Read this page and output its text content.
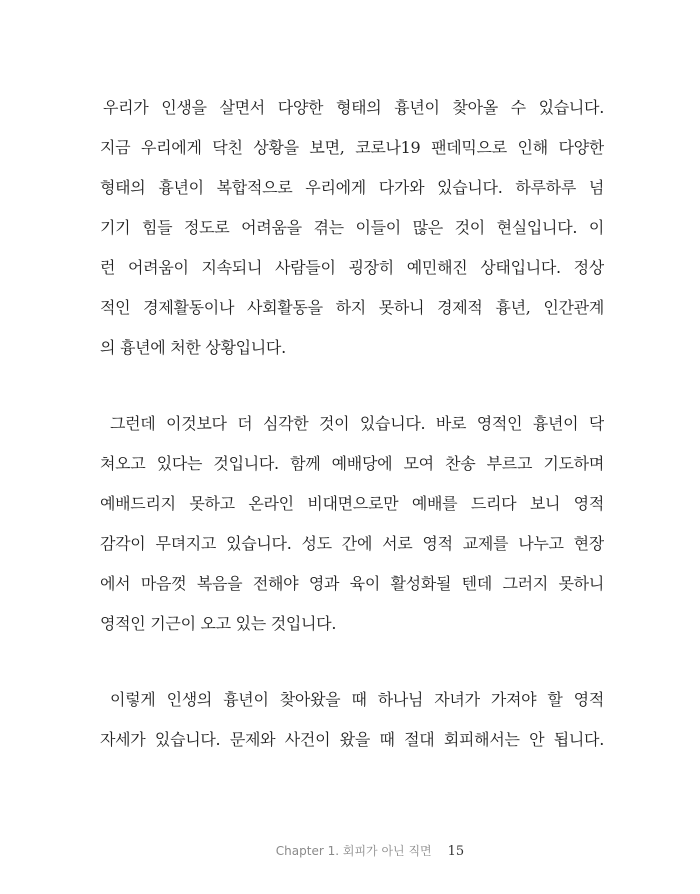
우리가 인생을 살면서 다양한 형태의 흉년이 찾아올 수 있습니다.
지금 우리에게 닥친 상황을 보면, 코로나19 팬데믹으로 인해 다양한
형태의 흉년이 복합적으로 우리에게 다가와 있습니다. 하루하루 넘
기기 힘들 정도로 어려움을 겪는 이들이 많은 것이 현실입니다. 이
런 어려움이 지속되니 사람들이 굉장히 예민해진 상태입니다. 정상
적인 경제활동이나 사회활동을 하지 못하니 경제적 흉년, 인간관계
의 흉년에 처한 상황입니다.
그런데 이것보다 더 심각한 것이 있습니다. 바로 영적인 흉년이 닥
쳐오고 있다는 것입니다. 함께 예배당에 모여 찬송 부르고 기도하며
예배드리지 못하고 온라인 비대면으로만 예배를 드리다 보니 영적
감각이 무뎌지고 있습니다. 성도 간에 서로 영적 교제를 나누고 현장
에서 마음껏 복음을 전해야 영과 육이 활성화될 텐데 그러지 못하니
영적인 기근이 오고 있는 것입니다.
이렇게 인생의 흉년이 찾아왔을 때 하나님 자녀가 가져야 할 영적
자세가 있습니다. 문제와 사건이 왔을 때 절대 회피해서는 안 됩니다.
Chapter 1. 회피가 아닌 직면 15
